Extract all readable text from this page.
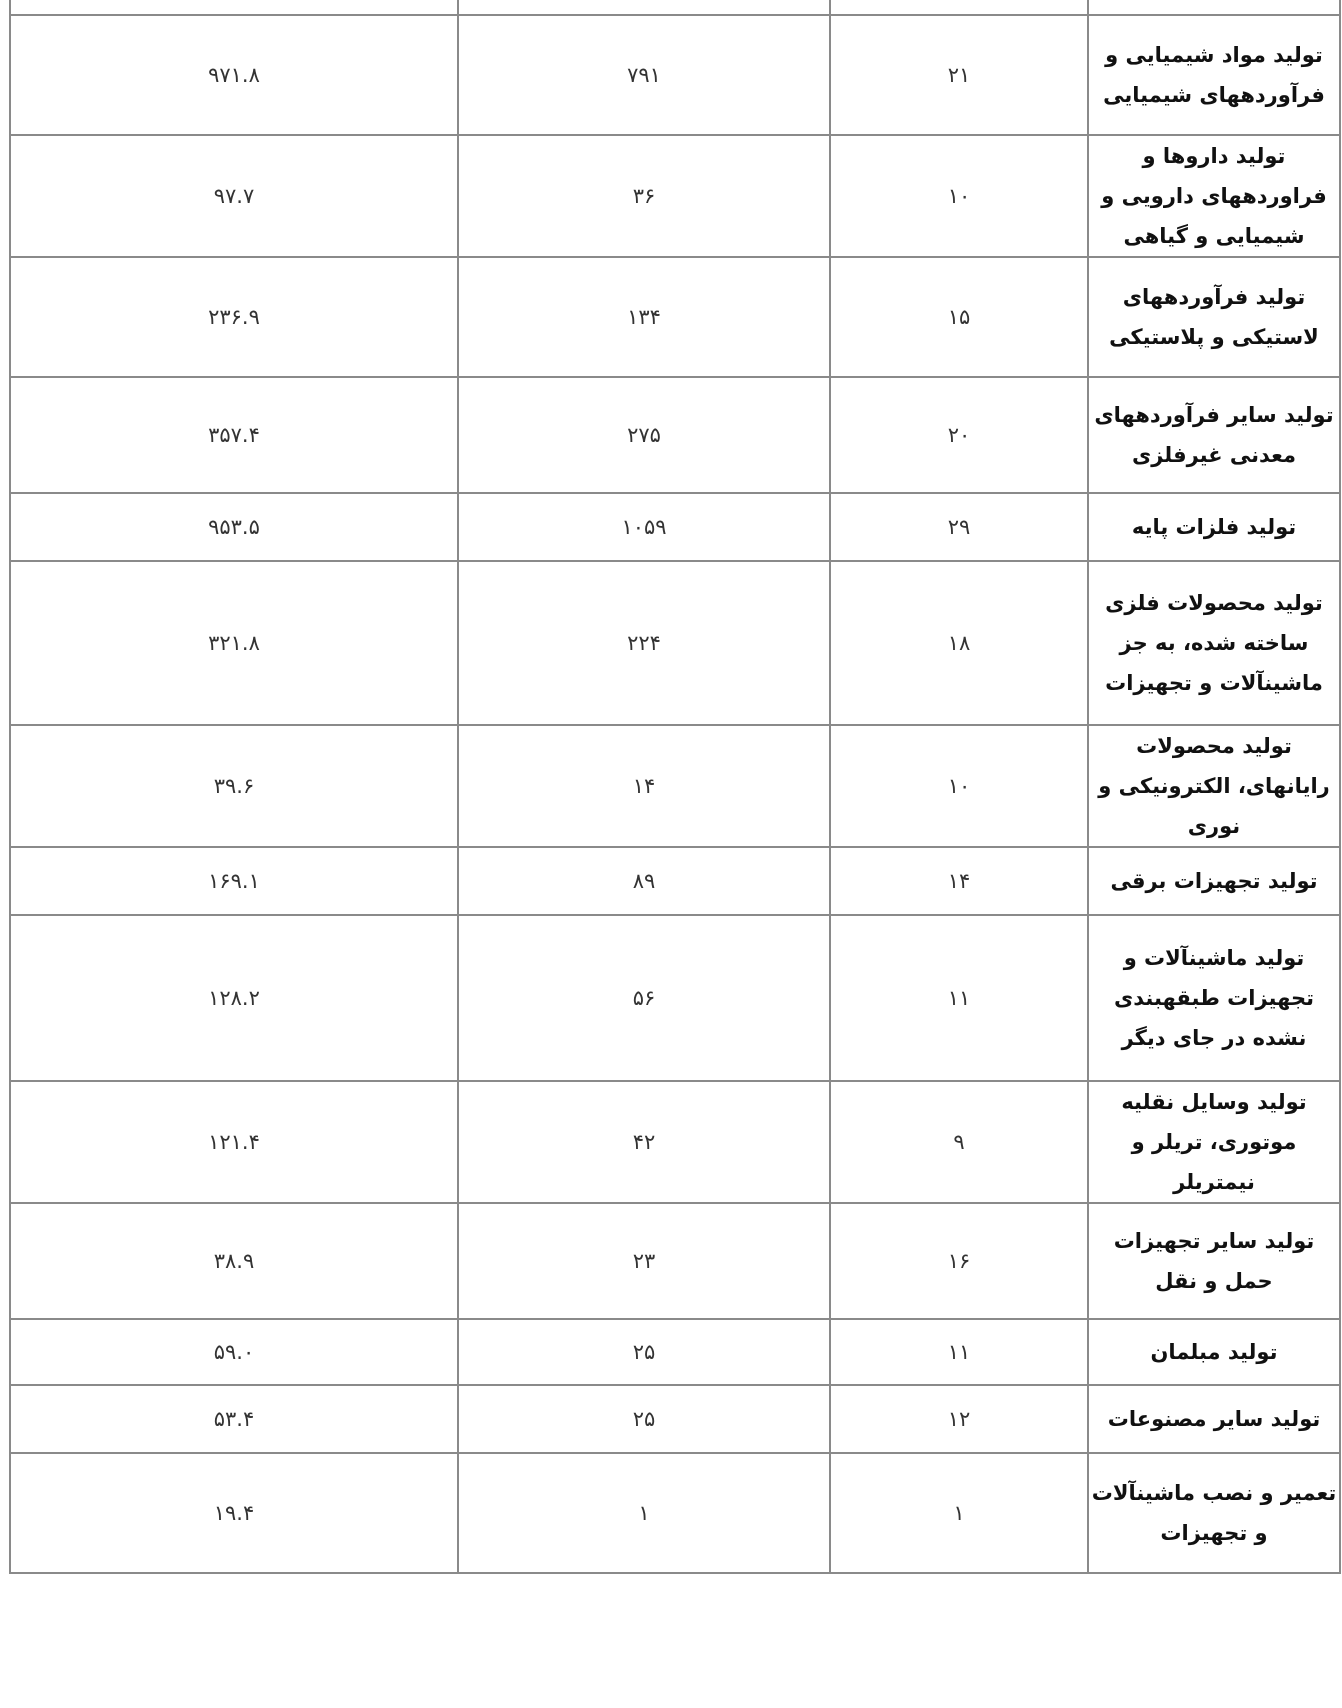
تولید مواد شیمیایی و فرآوردههای شیمیایی	۲۱	۷۹۱	۹۷۱.۸
تولید داروها و فراوردههای دارویی و شیمیایی و گیاهی	۱۰	۳۶	۹۷.۷
تولید فرآوردههای لاستیکی و پلاستیکی	۱۵	۱۳۴	۲۳۶.۹
تولید سایر فرآوردههای معدنی غیرفلزی	۲۰	۲۷۵	۳۵۷.۴
تولید فلزات پایه	۲۹	۱۰۵۹	۹۵۳.۵
تولید محصولات فلزی ساخته شده، به جز ماشینآلات و تجهیزات	۱۸	۲۲۴	۳۲۱.۸
تولید محصولات رایانهای، الکترونیکی و نوری	۱۰	۱۴	۳۹.۶
تولید تجهیزات برقی	۱۴	۸۹	۱۶۹.۱
تولید ماشینآلات و تجهیزات طبقهبندی نشده در جای دیگر	۱۱	۵۶	۱۲۸.۲
تولید وسایل نقلیه موتوری، تریلر و نیمتریلر	۹	۴۲	۱۲۱.۴
تولید سایر تجهیزات حمل و نقل	۱۶	۲۳	۳۸.۹
تولید مبلمان	۱۱	۲۵	۵۹.۰
تولید سایر مصنوعات	۱۲	۲۵	۵۳.۴
تعمیر و نصب ماشینآلات و تجهیزات	۱	۱	۱۹.۴
